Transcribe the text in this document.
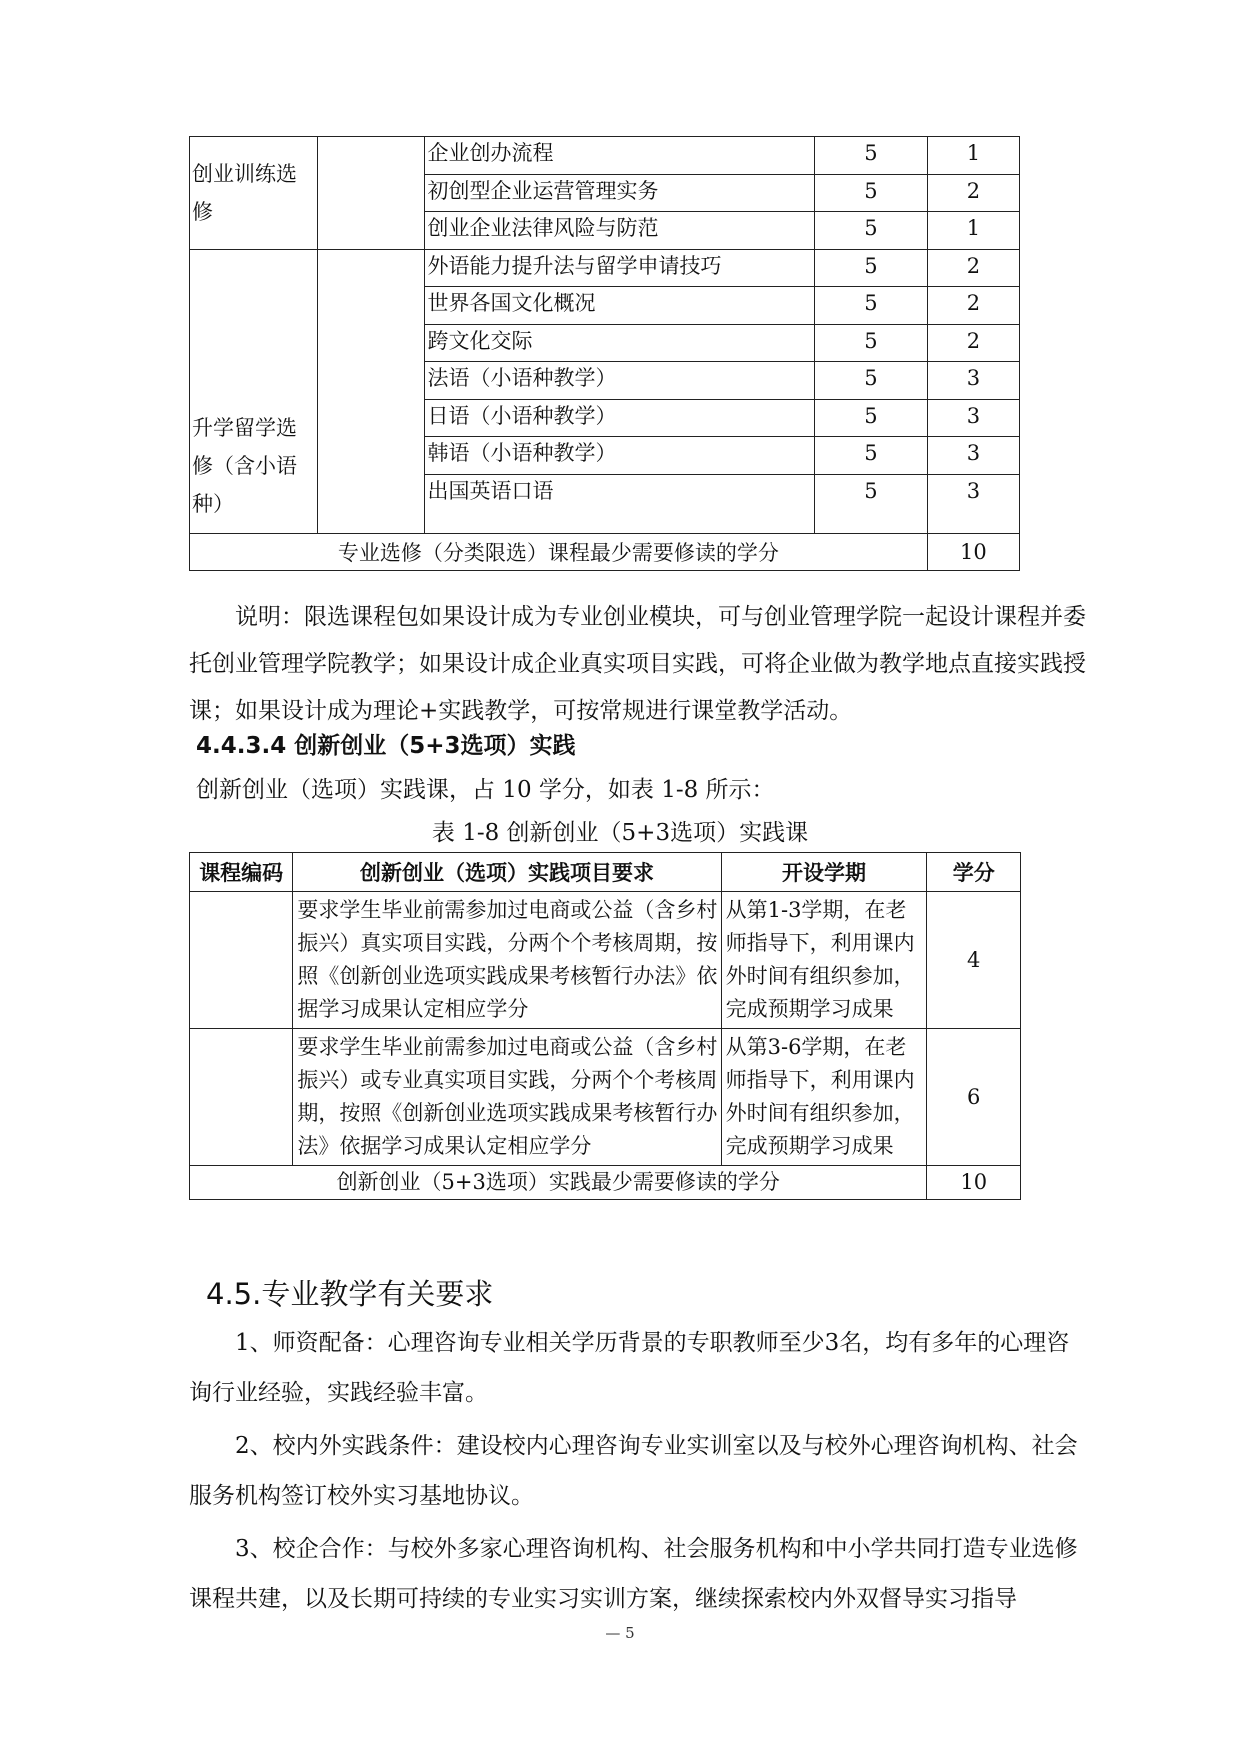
创业训练选修		企业创办流程	5	1
		初创型企业运营管理实务	5	2
		创业企业法律风险与防范	5	1
升学留学选修（含小语种）		外语能力提升法与留学申请技巧	5	2
		世界各国文化概况	5	2
		跨文化交际	5	2
		法语（小语种教学）	5	3
		日语（小语种教学）	5	3
		韩语（小语种教学）	5	3
		出国英语口语	5	3
专业选修（分类限选）课程最少需要修读的学分				10

说明：限选课程包如果设计成为专业创业模块，可与创业管理学院一起设计课程并委托创业管理学院教学；如果设计成企业真实项目实践，可将企业做为教学地点直接实践授课；如果设计成为理论+实践教学，可按常规进行课堂教学活动。

4.4.3.4 创新创业（5+3选项）实践
创新创业（选项）实践课，占 10 学分，如表 1-8 所示：
表 1-8 创新创业（5+3选项）实践课
课程编码	创新创业（选项）实践项目要求	开设学期	学分
	要求学生毕业前需参加过电商或公益（含乡村振兴）真实项目实践，分两个个考核周期，按照《创新创业选项实践成果考核暂行办法》依据学习成果认定相应学分	从第1-3学期，在老师指导下，利用课内外时间有组织参加，完成预期学习成果	4
	要求学生毕业前需参加过电商或公益（含乡村振兴）或专业真实项目实践，分两个个考核周期，按照《创新创业选项实践成果考核暂行办法》依据学习成果认定相应学分	从第3-6学期，在老师指导下，利用课内外时间有组织参加，完成预期学习成果	6
创新创业（5+3选项）实践最少需要修读的学分			10
4.5.专业教学有关要求

1、师资配备：心理咨询专业相关学历背景的专职教师至少3名，均有多年的心理咨询行业经验，实践经验丰富。

2、校内外实践条件：建设校内心理咨询专业实训室以及与校外心理咨询机构、社会服务机构签订校外实习基地协议。

3、校企合作：与校外多家心理咨询机构、社会服务机构和中小学共同打造专业选修课程共建，以及长期可持续的专业实习实训方案，继续探索校内外双督导实习指导

— 5
